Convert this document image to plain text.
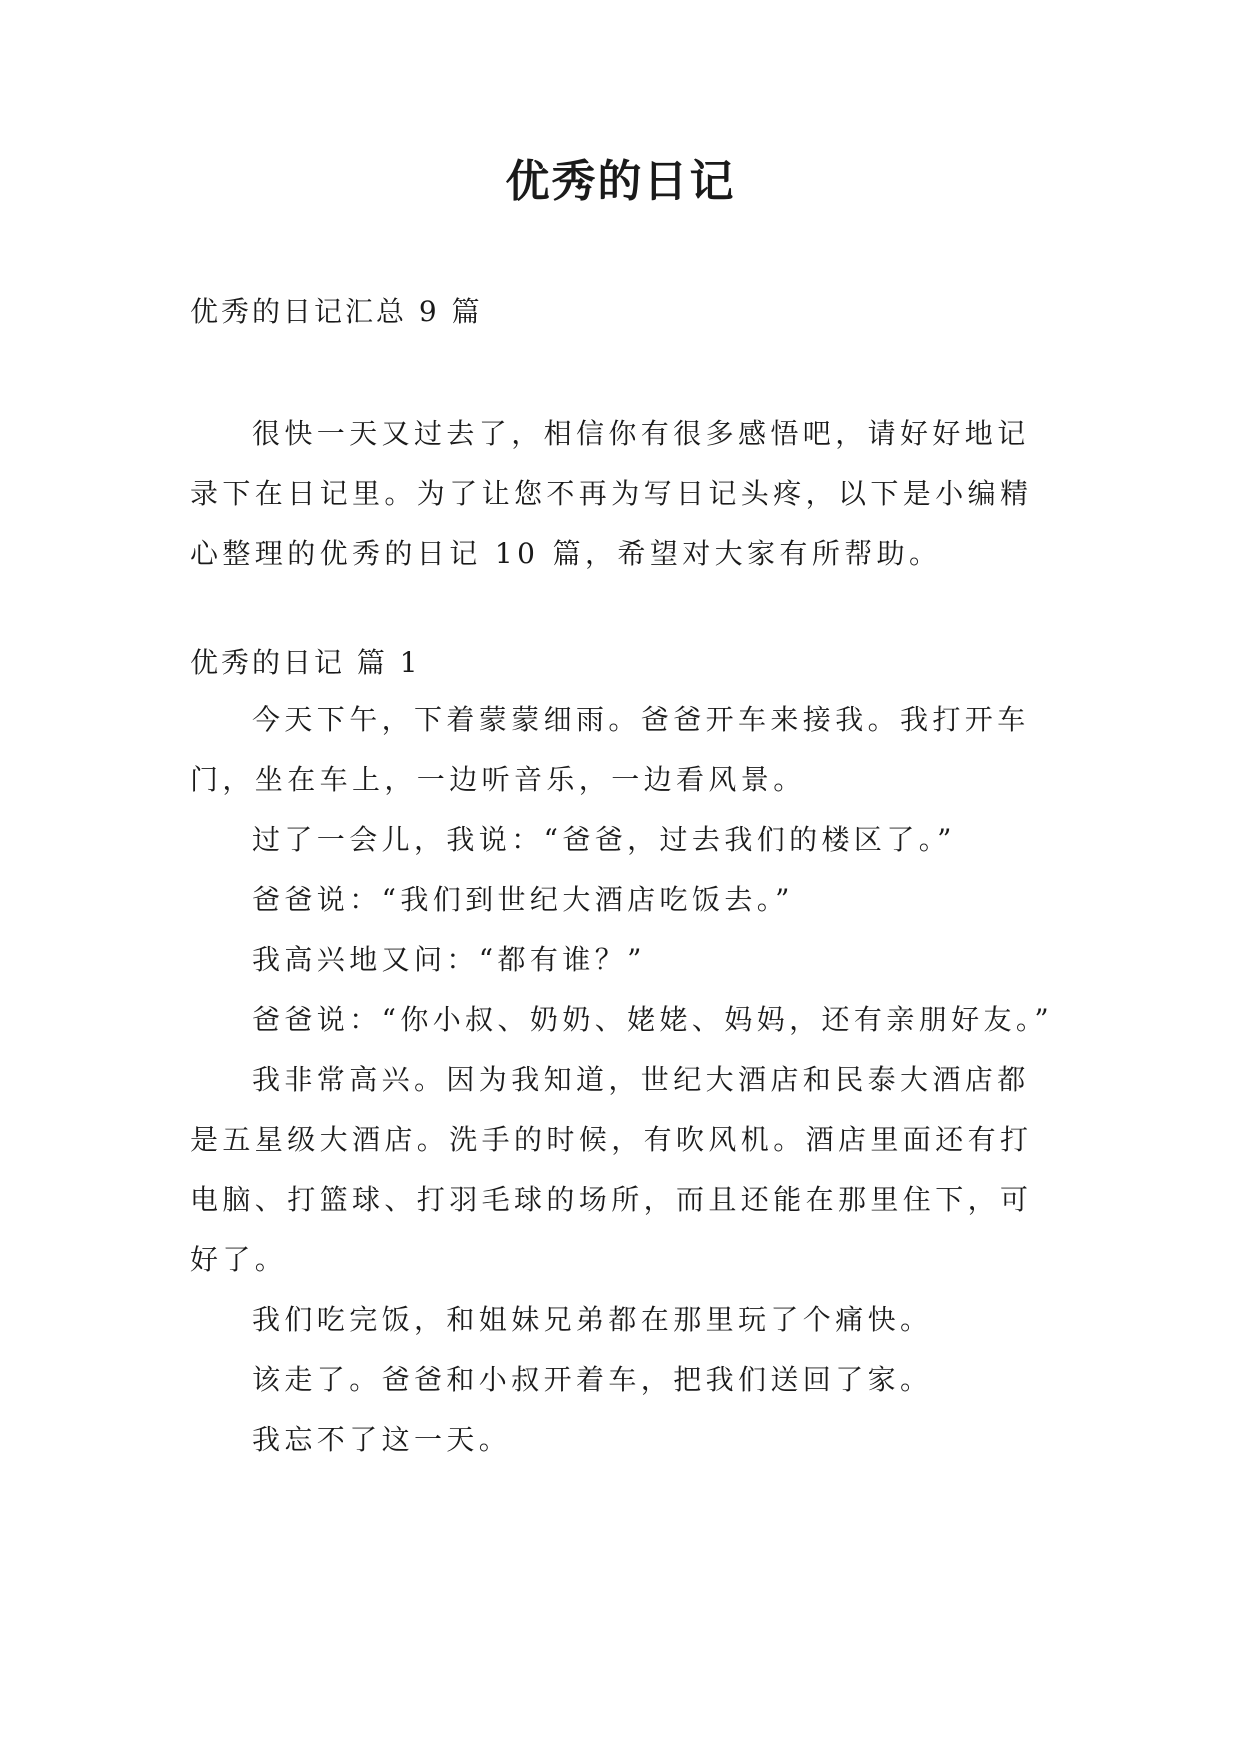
优秀的日记
优秀的日记汇总 9 篇

很快一天又过去了，相信你有很多感悟吧，请好好地记录下在日记里。为了让您不再为写日记头疼，以下是小编精心整理的优秀的日记 10 篇，希望对大家有所帮助。

优秀的日记 篇 1

今天下午，下着蒙蒙细雨。爸爸开车来接我。我打开车门，坐在车上，一边听音乐，一边看风景。

过了一会儿，我说：“爸爸，过去我们的楼区了。”

爸爸说：“我们到世纪大酒店吃饭去。”

我高兴地又问：“都有谁？”

爸爸说：“你小叔、奶奶、姥姥、妈妈，还有亲朋好友。”

我非常高兴。因为我知道，世纪大酒店和民泰大酒店都是五星级大酒店。洗手的时候，有吹风机。酒店里面还有打电脑、打篮球、打羽毛球的场所，而且还能在那里住下，可好了。

我们吃完饭，和姐妹兄弟都在那里玩了个痛快。

该走了。爸爸和小叔开着车，把我们送回了家。

我忘不了这一天。
